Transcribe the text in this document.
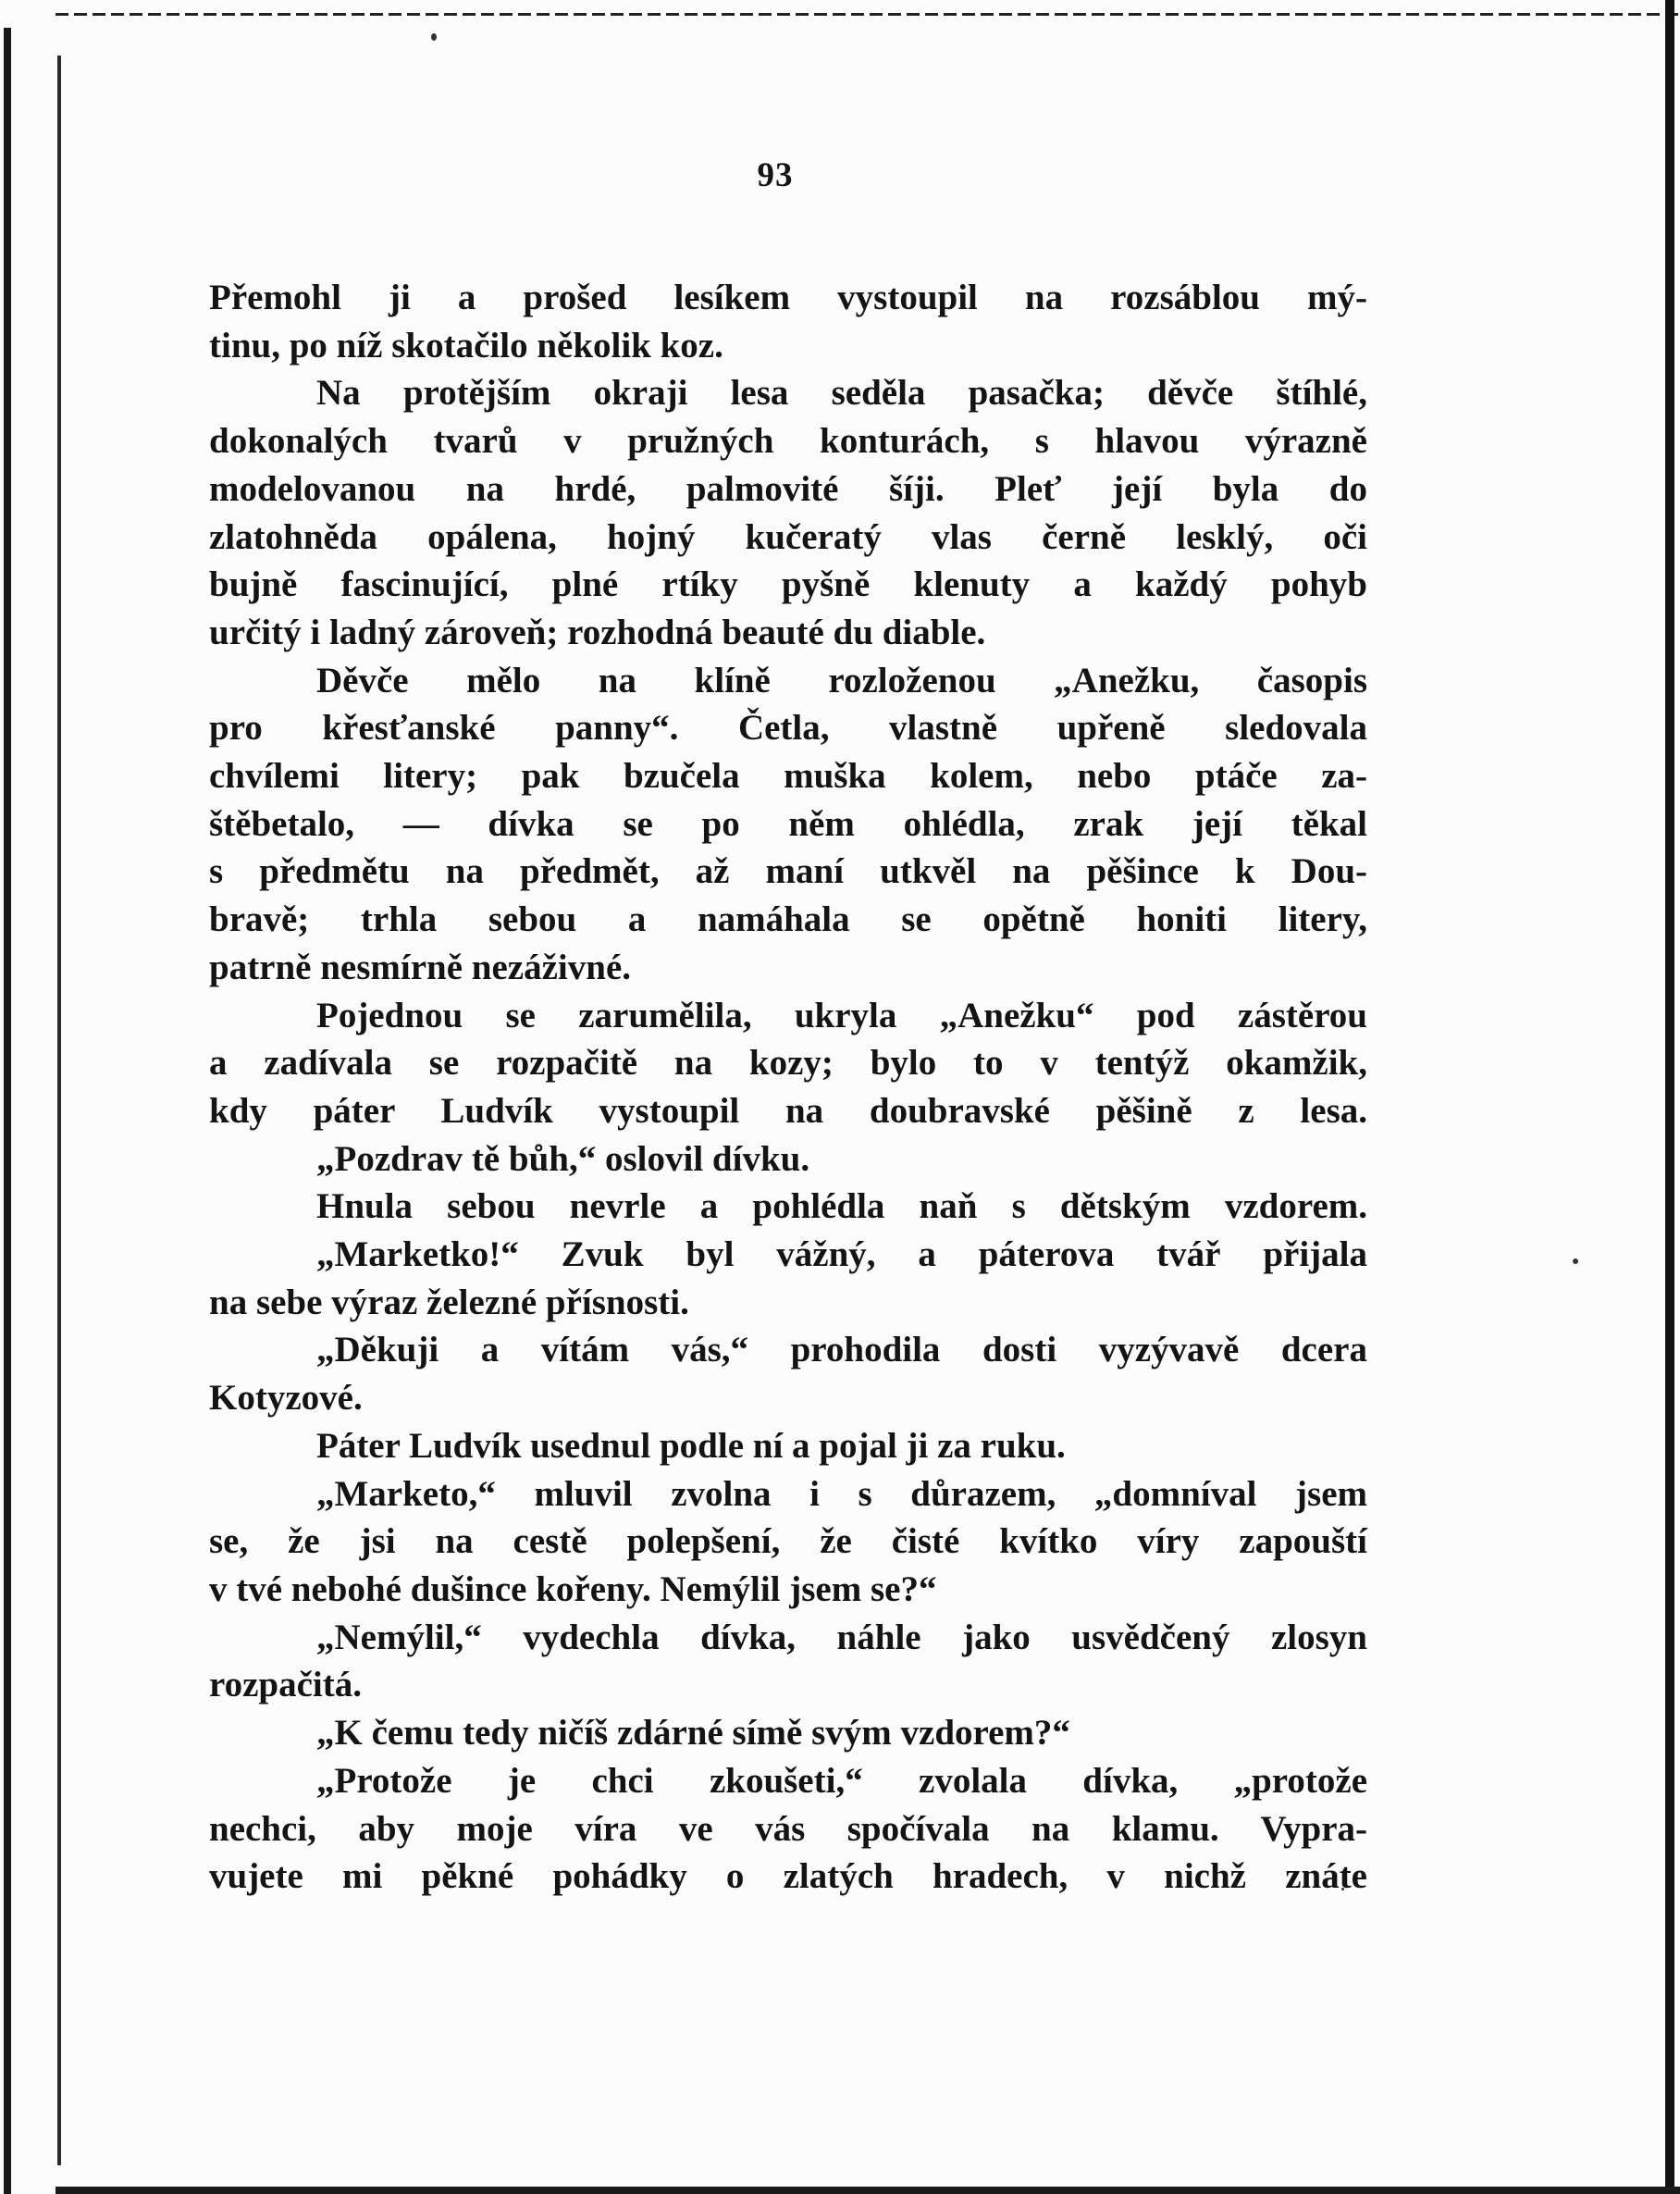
93
Přemohl ji a prošed lesíkem vystoupil na rozsáblou mý-
tinu, po níž skotačilo několik koz.
Na protějším okraji lesa seděla pasačka; děvče štíhlé,
dokonalých tvarů v pružných konturách, s hlavou výrazně
modelovanou na hrdé, palmovité šíji. Pleť její byla do
zlatohněda opálena, hojný kučeratý vlas černě lesklý, oči
bujně fascinující, plné rtíky pyšně klenuty a každý pohyb
určitý i ladný zároveň; rozhodná beauté du diable.
Děvče mělo na klíně rozloženou „Anežku, časopis
pro křesťanské panny“. Četla, vlastně upřeně sledovala
chvílemi litery; pak bzučela muška kolem, nebo ptáče za-
štěbetalo, — dívka se po něm ohlédla, zrak její těkal
s předmětu na předmět, až maní utkvěl na pěšince k Dou-
bravě; trhla sebou a namáhala se opětně honiti litery,
patrně nesmírně nezáživné.
Pojednou se zarumělila, ukryla „Anežku“ pod zástěrou
a zadívala se rozpačitě na kozy; bylo to v tentýž okamžik,
kdy páter Ludvík vystoupil na doubravské pěšině z lesa.
„Pozdrav tě bůh,“ oslovil dívku.
Hnula sebou nevrle a pohlédla naň s dětským vzdorem.
„Marketko!“ Zvuk byl vážný, a páterova tvář přijala
na sebe výraz železné přísnosti.
„Děkuji a vítám vás,“ prohodila dosti vyzývavě dcera
Kotyzové.
Páter Ludvík usednul podle ní a pojal ji za ruku.
„Marketo,“ mluvil zvolna i s důrazem, „domníval jsem
se, že jsi na cestě polepšení, že čisté kvítko víry zapouští
v tvé nebohé dušince kořeny. Nemýlil jsem se?“
„Nemýlil,“ vydechla dívka, náhle jako usvědčený zlosyn
rozpačitá.
„K čemu tedy ničíš zdárné símě svým vzdorem?“
„Protože je chci zkoušeti,“ zvolala dívka, „protože
nechci, aby moje víra ve vás spočívala na klamu. Vypra-
vujete mi pěkné pohádky o zlatých hradech, v nichž znáte
